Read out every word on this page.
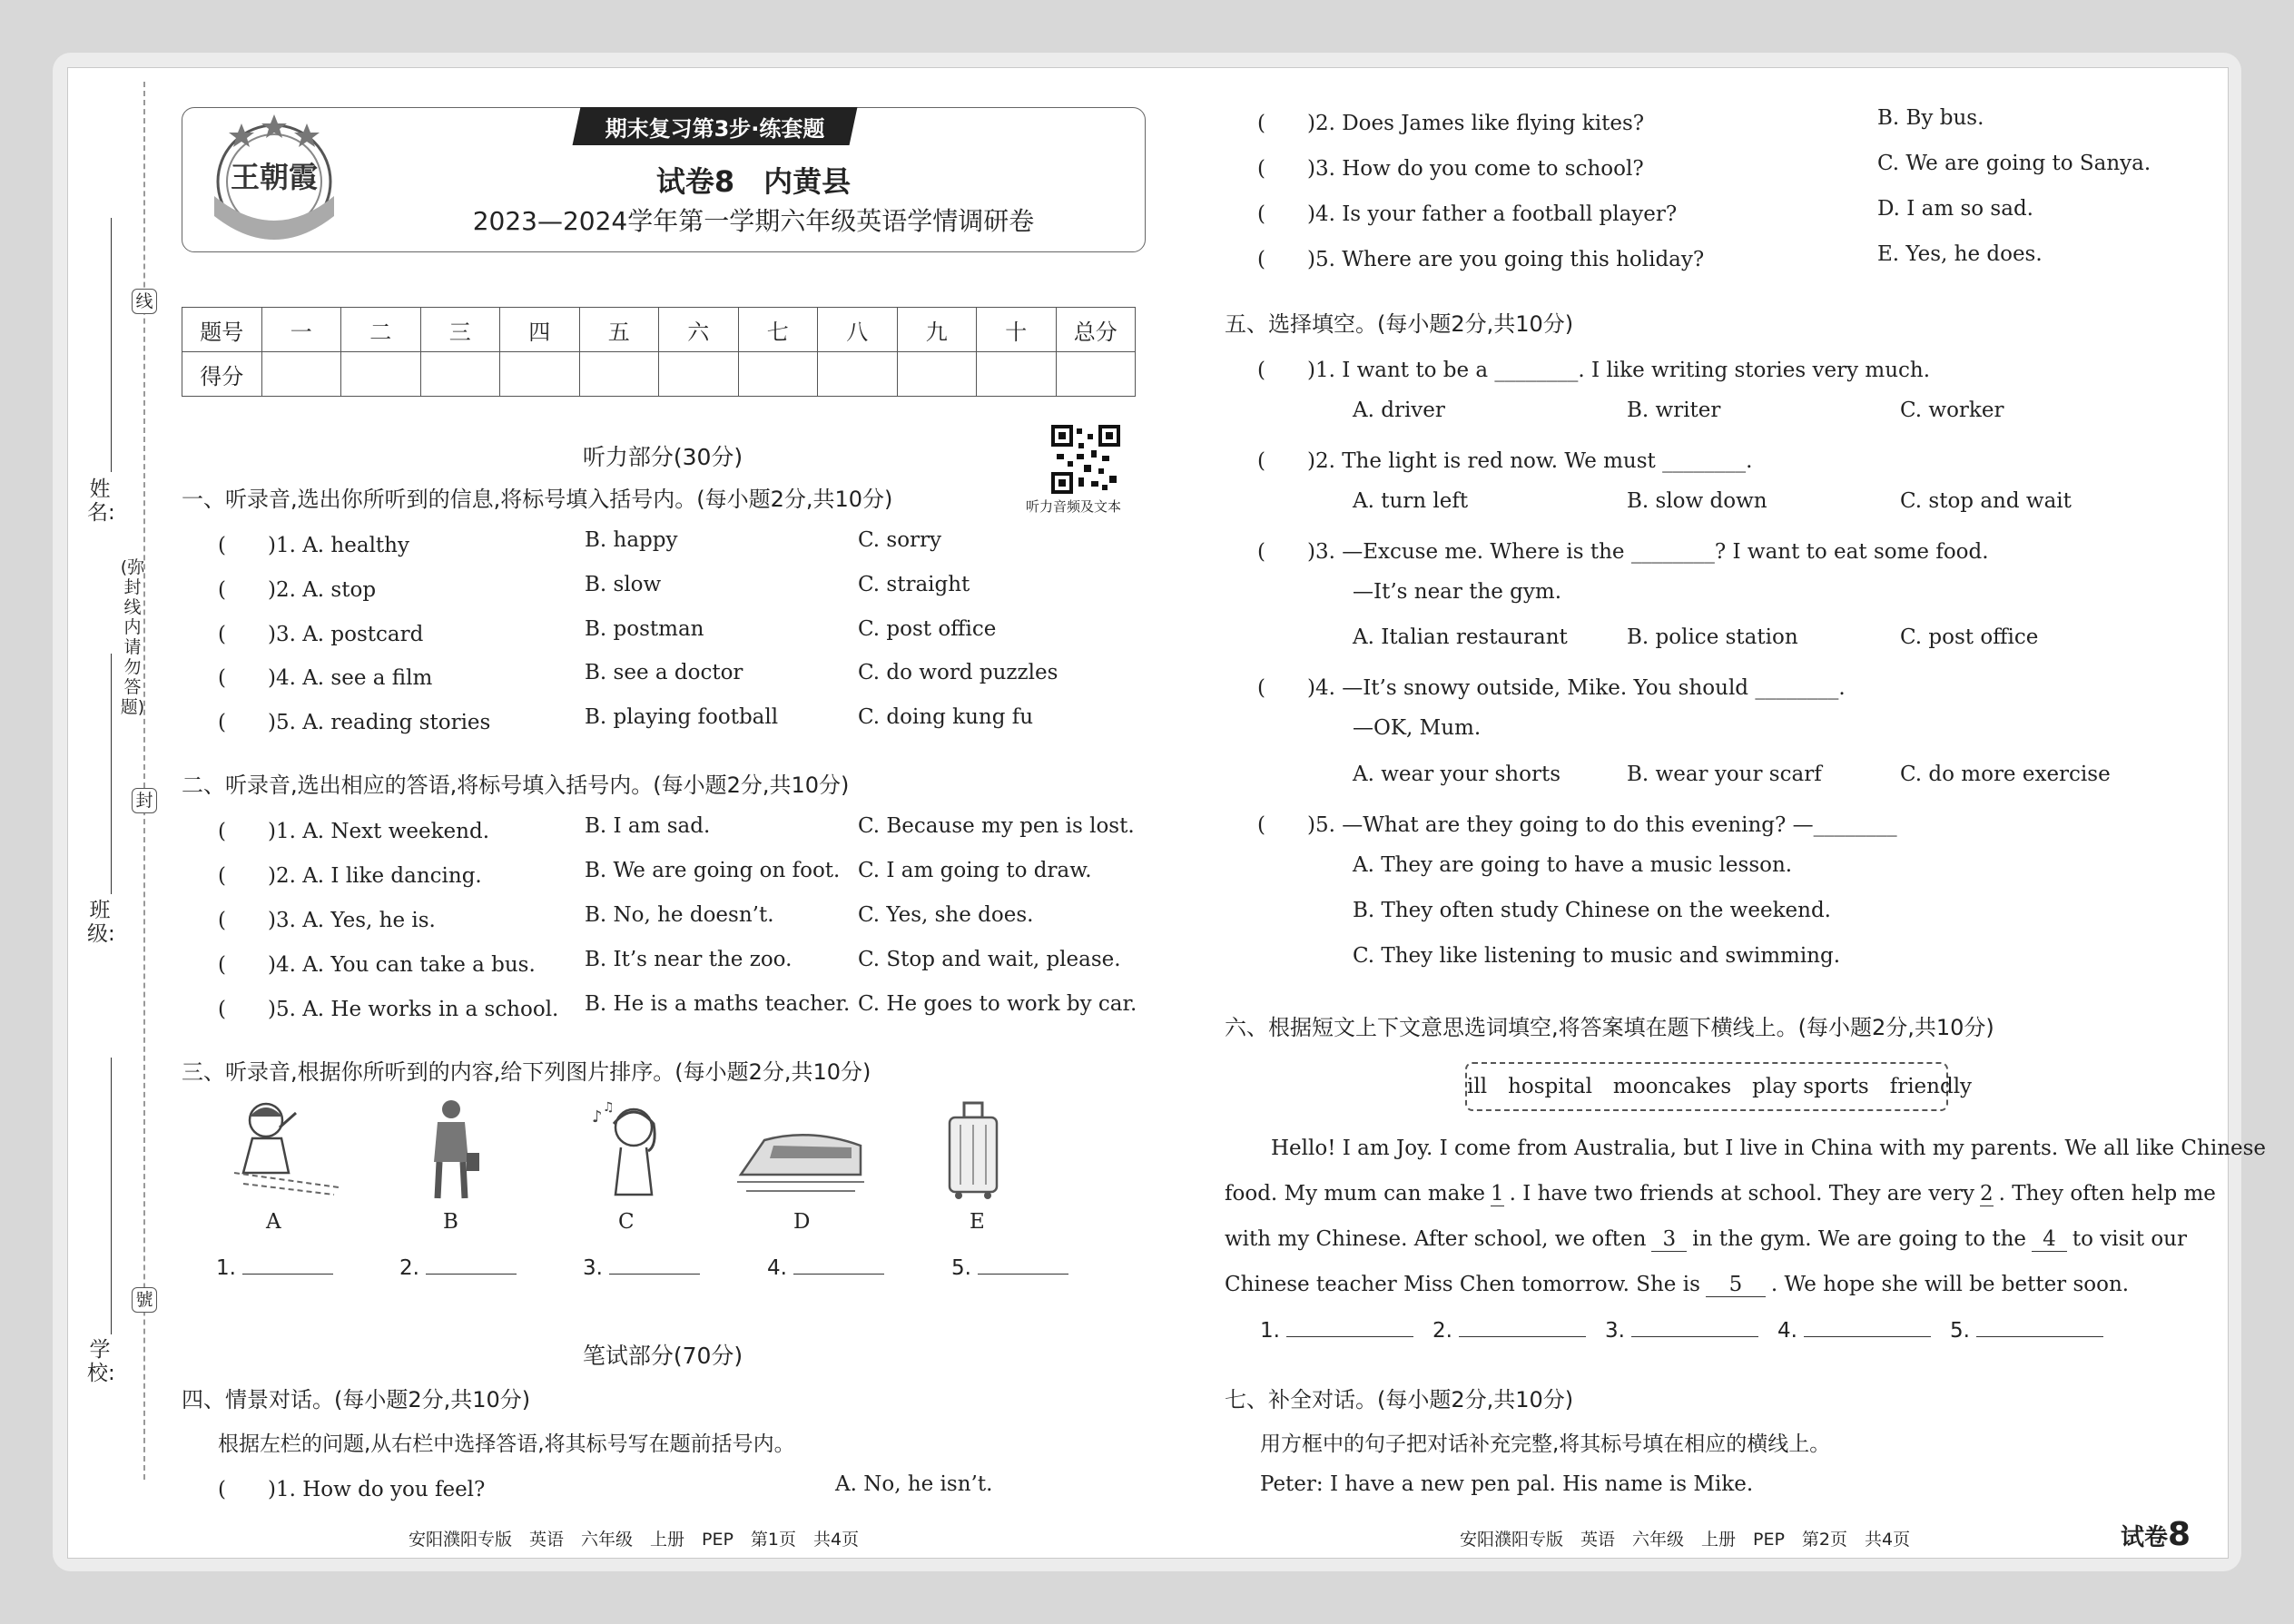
线
封
號
(弥封线内请勿答题)
姓名:
班级:
学校:
王朝霞
期末复习第3步·练套题
试卷8　内黄县
2023—2024学年第一学期六年级英语学情调研卷
题号	一	二	三	四	五	六	七	八	九	十	总分
得分											
听力音频及文本
听力部分(30分)
一、听录音,选出你所听到的信息,将标号填入括号内。(每小题2分,共10分)
(　　)1. A. healthy	B. happy	C. sorry
(　　)2. A. stop	B. slow	C. straight
(　　)3. A. postcard	B. postman	C. post office
(　　)4. A. see a film	B. see a doctor	C. do word puzzles
(　　)5. A. reading stories	B. playing football	C. doing kung fu
二、听录音,选出相应的答语,将标号填入括号内。(每小题2分,共10分)
(　　)1. A. Next weekend.	B. I am sad.	C. Because my pen is lost.
(　　)2. A. I like dancing.	B. We are going on foot. C. I am going to draw.
(　　)3. A. Yes, he is.	B. No, he doesn’t.	C. Yes, she does.
(　　)4. A. You can take a bus. B. It’s near the zoo.	C. Stop and wait, please.
(　　)5. A. He works in a school. B. He is a maths teacher. C. He goes to work by car.
三、听录音,根据你所听到的内容,给下列图片排序。(每小题2分,共10分)
♪ ♫
A	B	C	D	E
1.	2.	3.	4.	5.
笔试部分(70分)
四、情景对话。(每小题2分,共10分)
根据左栏的问题,从右栏中选择答语,将其标号写在题前括号内。
(　　)1. How do you feel?	A. No, he isn’t.
安阳濮阳专版　英语　六年级　上册　PEP　第1页　共4页
(　　)2. Does James like flying kites?	B. By bus.
(　　)3. How do you come to school?	C. We are going to Sanya.
(　　)4. Is your father a football player?	D. I am so sad.
(　　)5. Where are you going this holiday?	E. Yes, he does.
五、选择填空。(每小题2分,共10分)
(　　)1. I want to be a ________. I like writing stories very much.
A. driver	B. writer	C. worker
(　　)2. The light is red now. We must ________.
A. turn left	B. slow down	C. stop and wait
(　　)3. —Excuse me. Where is the ________? I want to eat some food.
—It’s near the gym.
A. Italian restaurant	B. police station	C. post office
(　　)4. —It’s snowy outside, Mike. You should ________.
—OK, Mum.
A. wear your shorts	B. wear your scarf	C. do more exercise
(　　)5. —What are they going to do this evening? —________
A. They are going to have a music lesson.
B. They often study Chinese on the weekend.
C. They like listening to music and swimming.
六、根据短文上下文意思选词填空,将答案填在题下横线上。(每小题2分,共10分)
ill　hospital　mooncakes　play sports　friendly
Hello! I am Joy. I come from Australia, but I live in China with my parents. We all like Chinese
food. My mum can make 1 . I have two friends at school. They are very 2 . They often help me
with my Chinese. After school, we often 3 in the gym. We are going to the 4 to visit our
Chinese teacher Miss Chen tomorrow. She is	5	. We hope she will be better soon.
1.	2.	3.	4.	5.
七、补全对话。(每小题2分,共10分)
用方框中的句子把对话补充完整,将其标号填在相应的横线上。
Peter: I have a new pen pal. His name is Mike.
安阳濮阳专版　英语　六年级　上册　PEP　第2页　共4页	试卷8
